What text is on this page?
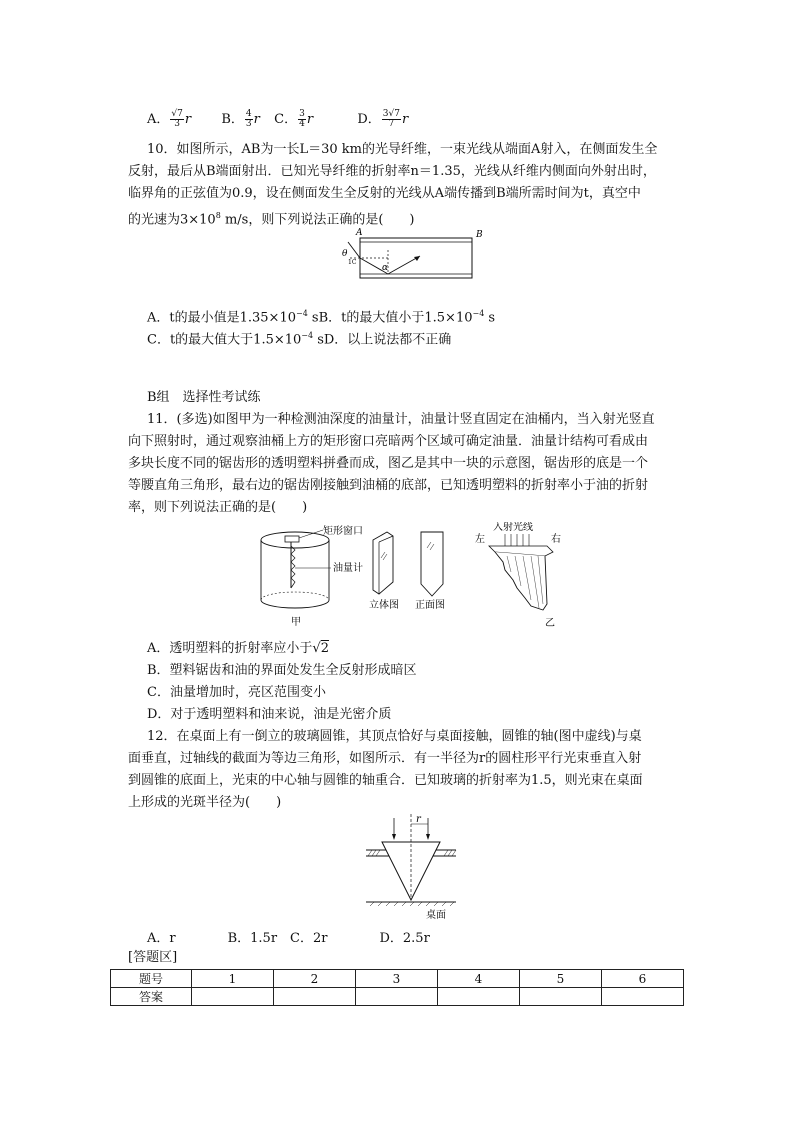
A． $\frac{√7}{3}$ r B． $\frac{4}{3}$ r C． $\frac{3}{4}$ r	D． $\frac{3√7}{7}$ r
10．如图所示，AB为一长L＝30 km的光导纤维，一束光线从端面A射入，在侧面发生全
反射，最后从B端面射出．已知光导纤维的折射率n＝1.35，光线从纤维内侧面向外射出时，
临界角的正弦值为0.9，设在侧面发生全反射的光线从A端传播到B端所需时间为t，真空中
的光速为$3\times 10^8$ m/s，则下列说法正确的是(　　)
A	B
θ
1C
α
A．t的最小值是$1.35\times 10^{-4}$ sB．t的最大值小于$1.5\times 10^{-4}$ s
C．t的最大值大于$1.5\times 10^{-4}$ sD．以上说法都不正确
B组　选择性考试练
11．(多选)如图甲为一种检测油深度的油量计，油量计竖直固定在油桶内，当入射光竖直
向下照射时，通过观察油桶上方的矩形窗口亮暗两个区域可确定油量．油量计结构可看成由
多块长度不同的锯齿形的透明塑料拼叠而成，图乙是其中一块的示意图，锯齿形的底是一个
等腰直角三角形，最右边的锯齿刚接触到油桶的底部，已知透明塑料的折射率小于油的折射
率，则下列说法正确的是(　　)
矩形窗口
油量计
甲
立体图 正面图
入射光线
左	右
乙
A．透明塑料的折射率应小于√2
B．塑料锯齿和油的界面处发生全反射形成暗区
C．油量增加时，亮区范围变小
D．对于透明塑料和油来说，油是光密介质
12．在桌面上有一倒立的玻璃圆锥，其顶点恰好与桌面接触，圆锥的轴(图中虚线)与桌
面垂直，过轴线的截面为等边三角形，如图所示．有一半径为r的圆柱形平行光束垂直入射
到圆锥的底面上，光束的中心轴与圆锥的轴重合．已知玻璃的折射率为1.5，则光束在桌面
上形成的光斑半径为(　　)
r
桌面
A．r　　　　B．1.5r　C．2r　　　　D．2.5r
[答题区]
题号	1	2	3	4	5	6
答案						
